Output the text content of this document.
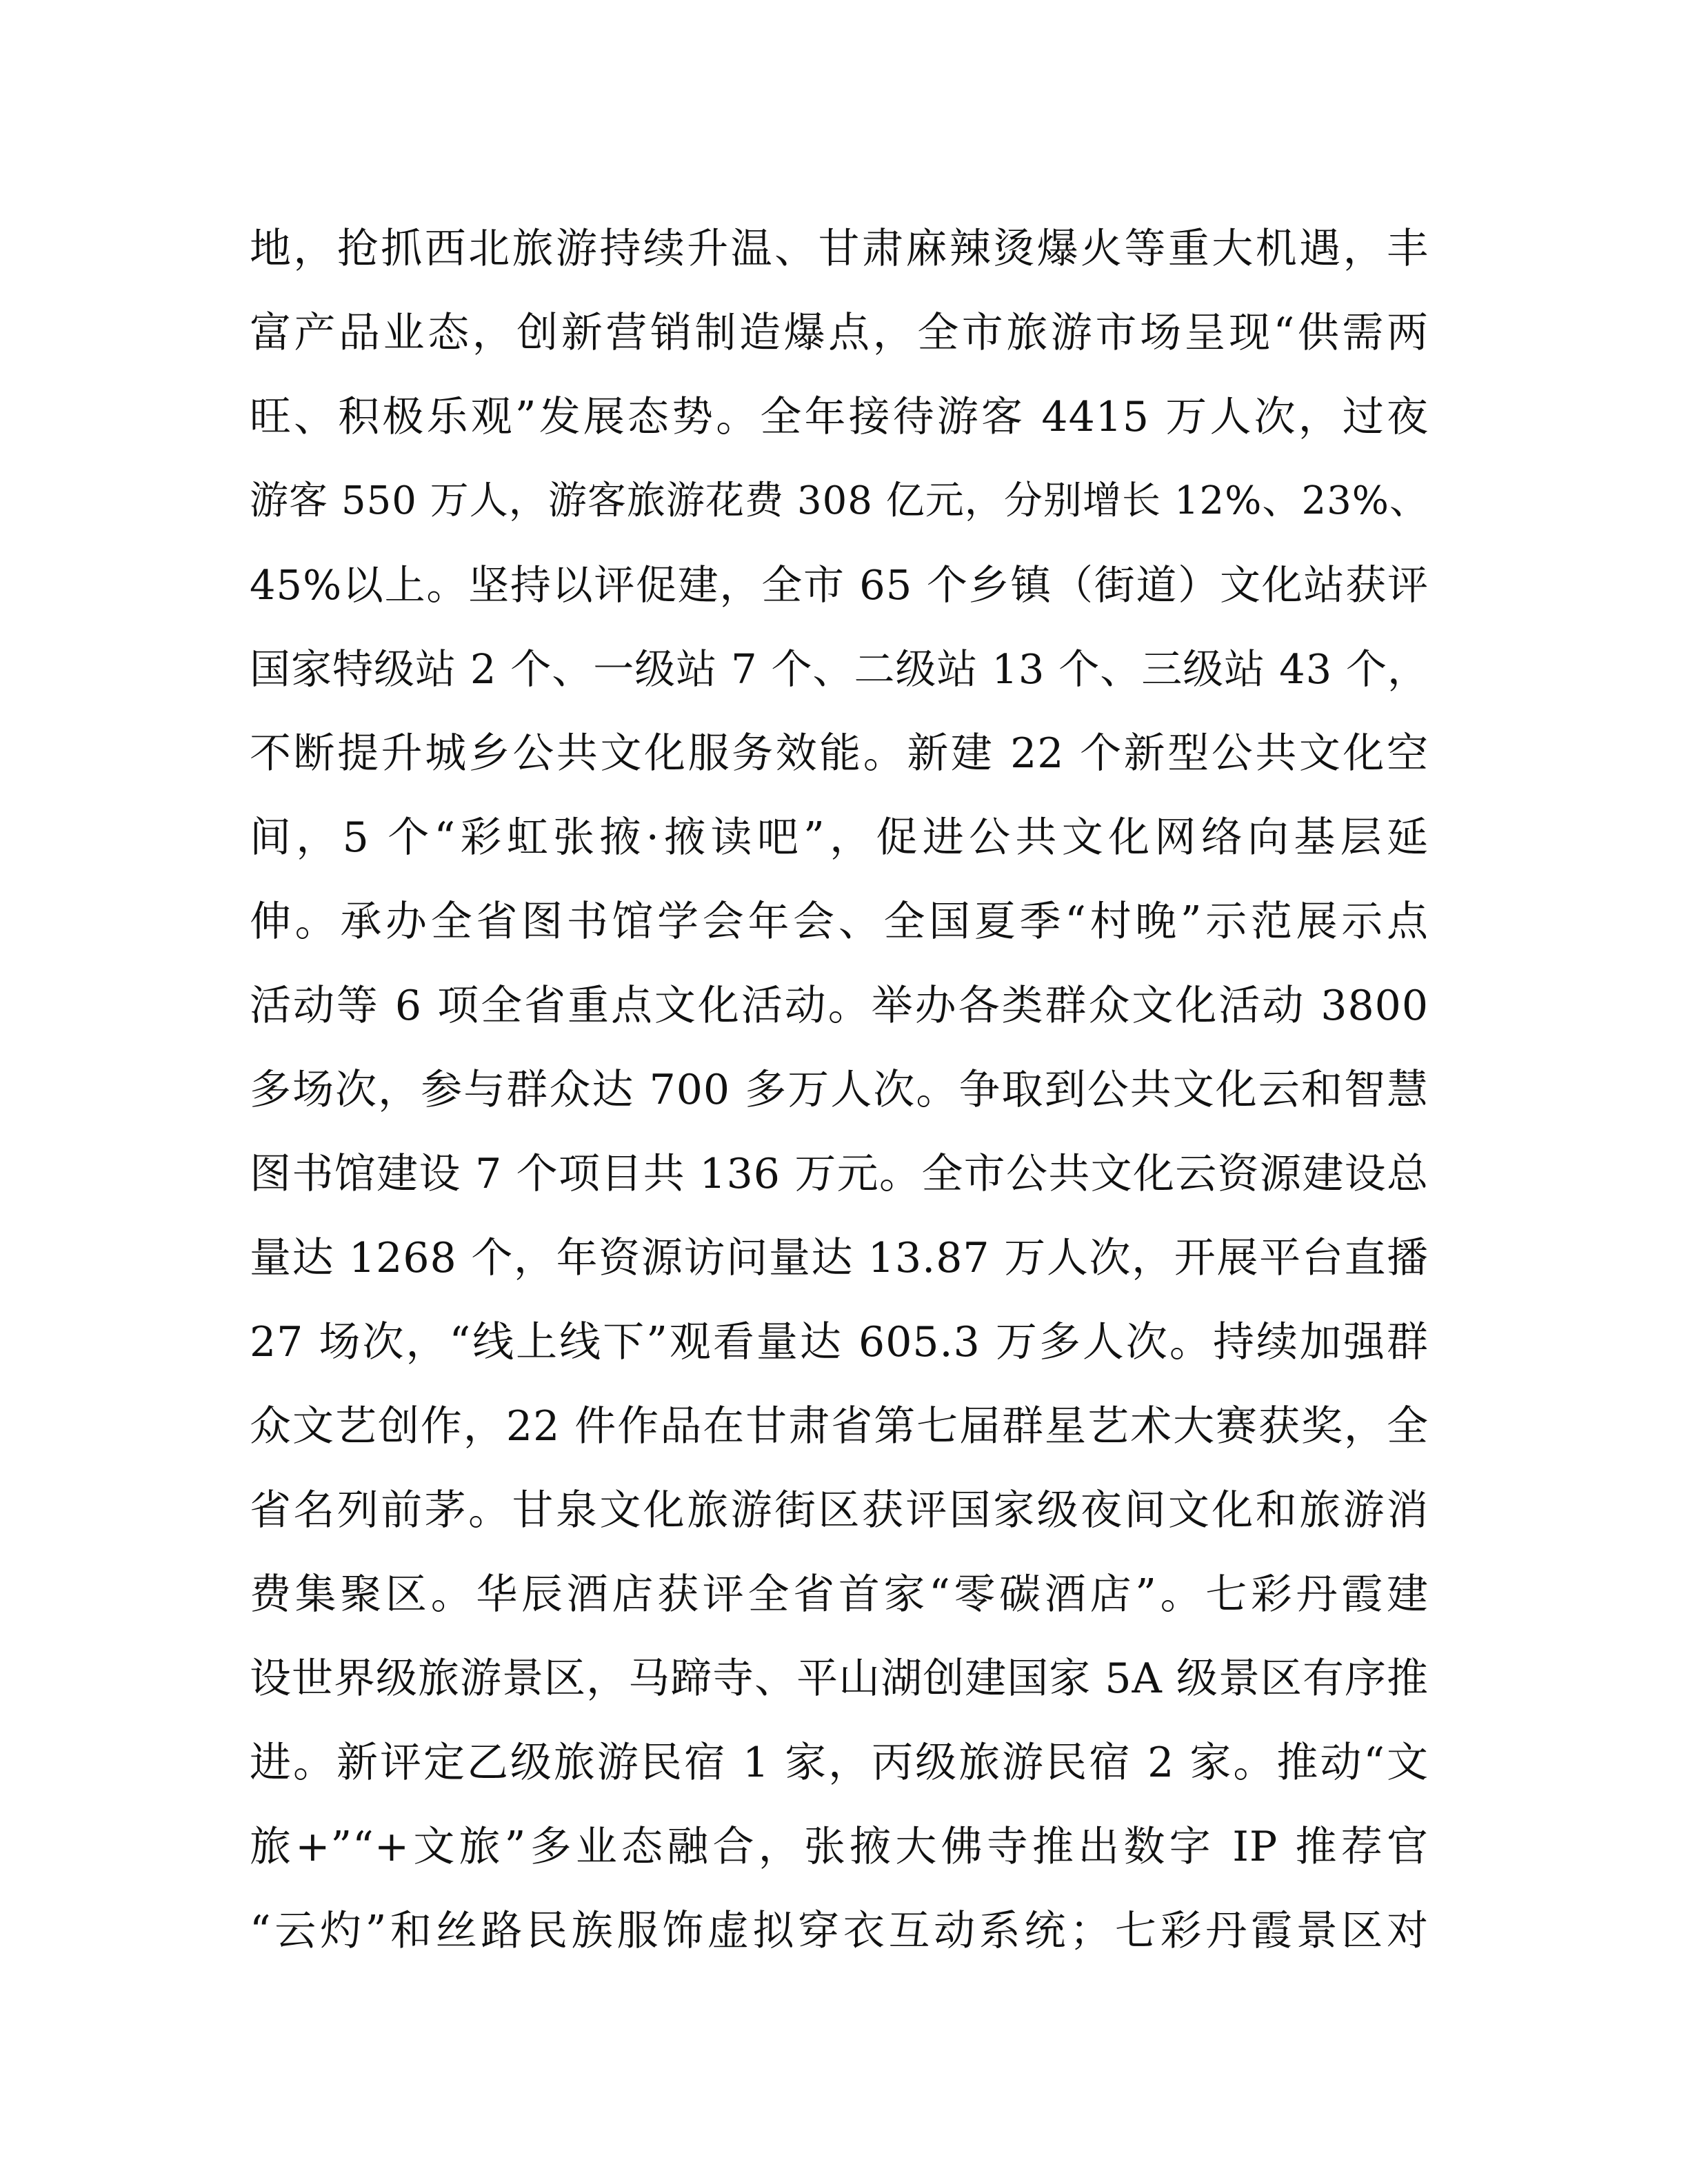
地，抢抓西北旅游持续升温、甘肃麻辣烫爆火等重大机遇，丰
富产品业态，创新营销制造爆点，全市旅游市场呈现“供需两
旺、积极乐观”发展态势。全年接待游客 4415 万人次，过夜
游客 550 万人，游客旅游花费 308 亿元，分别增长 12%、23%、
45%以上。坚持以评促建，全市 65 个乡镇（街道）文化站获评
国家特级站 2 个、一级站 7 个、二级站 13 个、三级站 43 个，
不断提升城乡公共文化服务效能。新建 22 个新型公共文化空
间，5 个“彩虹张掖·掖读吧”，促进公共文化网络向基层延
伸。承办全省图书馆学会年会、全国夏季“村晚”示范展示点
活动等 6 项全省重点文化活动。举办各类群众文化活动 3800
多场次，参与群众达 700 多万人次。争取到公共文化云和智慧
图书馆建设 7 个项目共 136 万元。全市公共文化云资源建设总
量达 1268 个，年资源访问量达 13.87 万人次，开展平台直播
27 场次，“线上线下”观看量达 605.3 万多人次。持续加强群
众文艺创作，22 件作品在甘肃省第七届群星艺术大赛获奖，全
省名列前茅。甘泉文化旅游街区获评国家级夜间文化和旅游消
费集聚区。华辰酒店获评全省首家“零碳酒店”。七彩丹霞建
设世界级旅游景区，马蹄寺、平山湖创建国家 5A 级景区有序推
进。新评定乙级旅游民宿 1 家，丙级旅游民宿 2 家。推动“文
旅+”“+文旅”多业态融合，张掖大佛寺推出数字 IP 推荐官
“云灼”和丝路民族服饰虚拟穿衣互动系统；七彩丹霞景区对
